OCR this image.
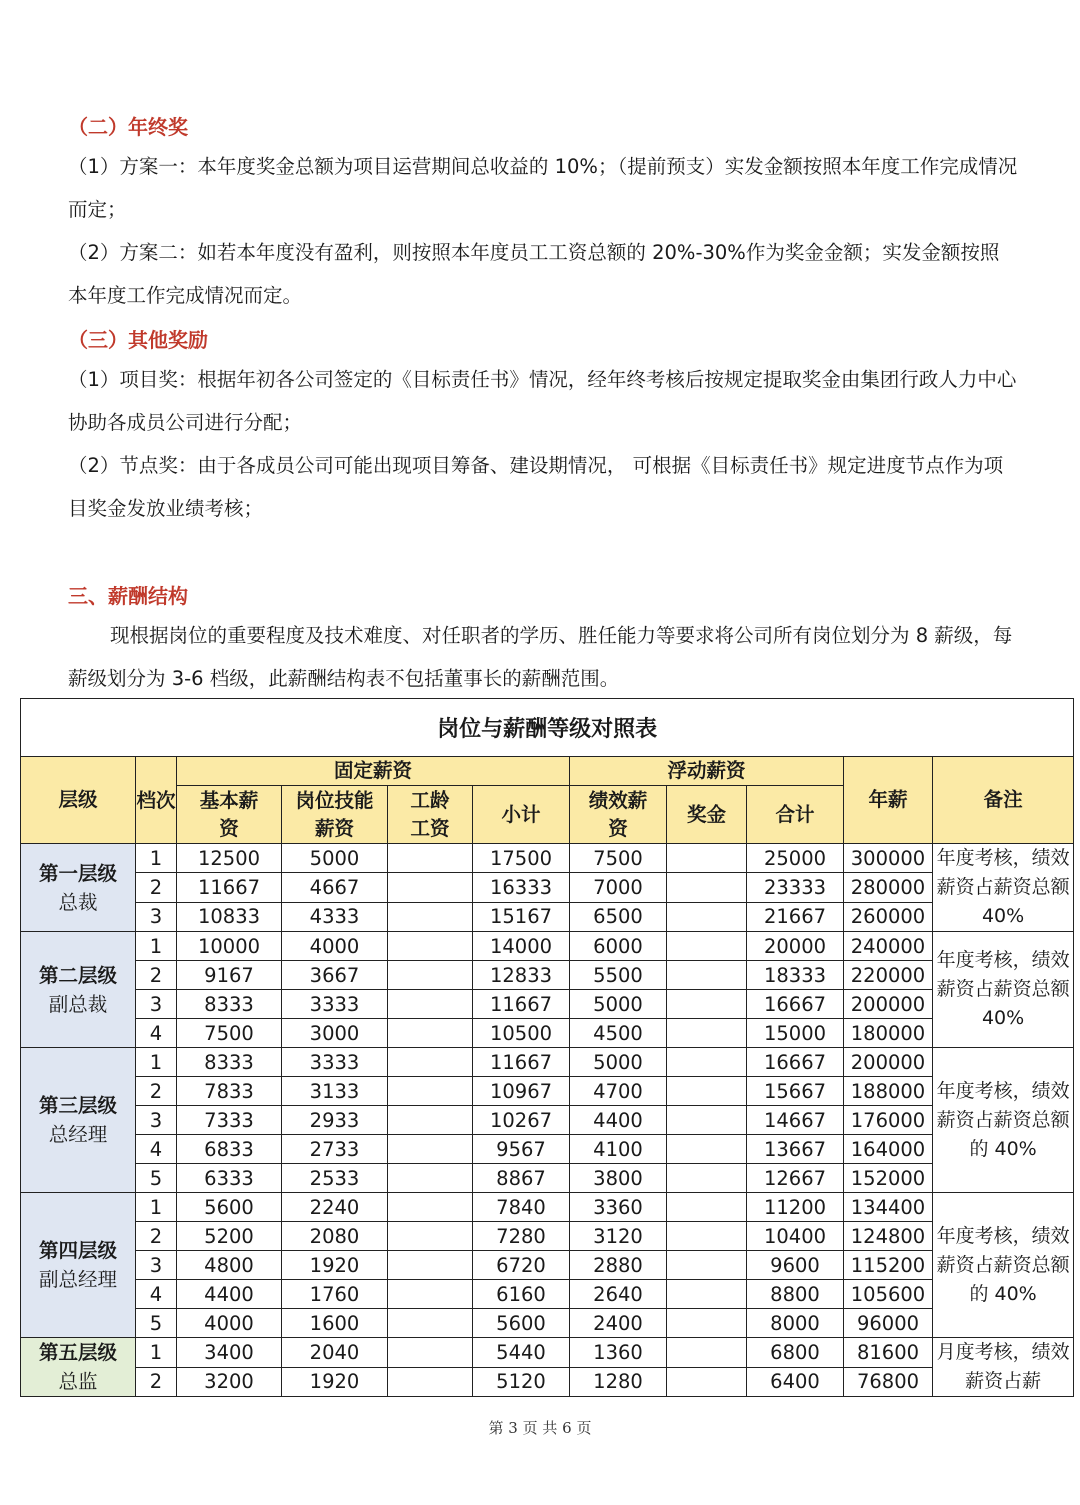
（二）年终奖

（1）方案一：本年度奖金总额为项目运营期间总收益的 10%；（提前预支）实发金额按照本年度工作完成情况而定；

（2）方案二：如若本年度没有盈利，则按照本年度员工工资总额的 20%-30%作为奖金金额；实发金额按照本年度工作完成情况而定。

（三）其他奖励

（1）项目奖：根据年初各公司签定的《目标责任书》情况，经年终考核后按规定提取奖金由集团行政人力中心协助各成员公司进行分配；

（2）节点奖：由于各成员公司可能出现项目筹备、建设期情况， 可根据《目标责任书》规定进度节点作为项目奖金发放业绩考核；

三、薪酬结构

现根据岗位的重要程度及技术难度、对任职者的学历、胜任能力等要求将公司所有岗位划分为 8 薪级，每薪级划分为 3-6 档级，此薪酬结构表不包括董事长的薪酬范围。

岗位与薪酬等级对照表										
层级	档次	固定薪资				浮动薪资			年薪	备注
		基本薪资	岗位技能薪资	工龄工资	小计	绩效薪资	奖金	合计		

第一层级
总裁	1	12500	5000		17500	7500		25000	300000	年度考核，绩效薪资占薪资总额 40%
	2	11667	4667		16333	7000		23333	280000	
	3	10833	4333		15167	6500		21667	260000	

第二层级
副总裁	1	10000	4000		14000	6000		20000	240000	年度考核，绩效薪资占薪资总额 40%
	2	9167	3667		12833	5500		18333	220000	
	3	8333	3333		11667	5000		16667	200000	
	4	7500	3000		10500	4500		15000	180000	

第三层级
总经理	1	8333	3333		11667	5000		16667	200000	年度考核，绩效薪资占薪资总额的 40%
	2	7833	3133		10967	4700		15667	188000	
	3	7333	2933		10267	4400		14667	176000	
	4	6833	2733		9567	4100		13667	164000	
	5	6333	2533		8867	3800		12667	152000	

第四层级
副总经理	1	5600	2240		7840	3360		11200	134400	年度考核，绩效薪资占薪资总额的 40%
	2	5200	2080		7280	3120		10400	124800	
	3	4800	1920		6720	2880		9600	115200	
	4	4400	1760		6160	2640		8800	105600	
	5	4000	1600		5600	2400		8000	96000	

第五层级
总监	1	3400	2040		5440	1360		6800	81600	月度考核，绩效薪资占薪
	2	3200	1920		5120	1280		6400	76800	
第 3 页 共 6 页
